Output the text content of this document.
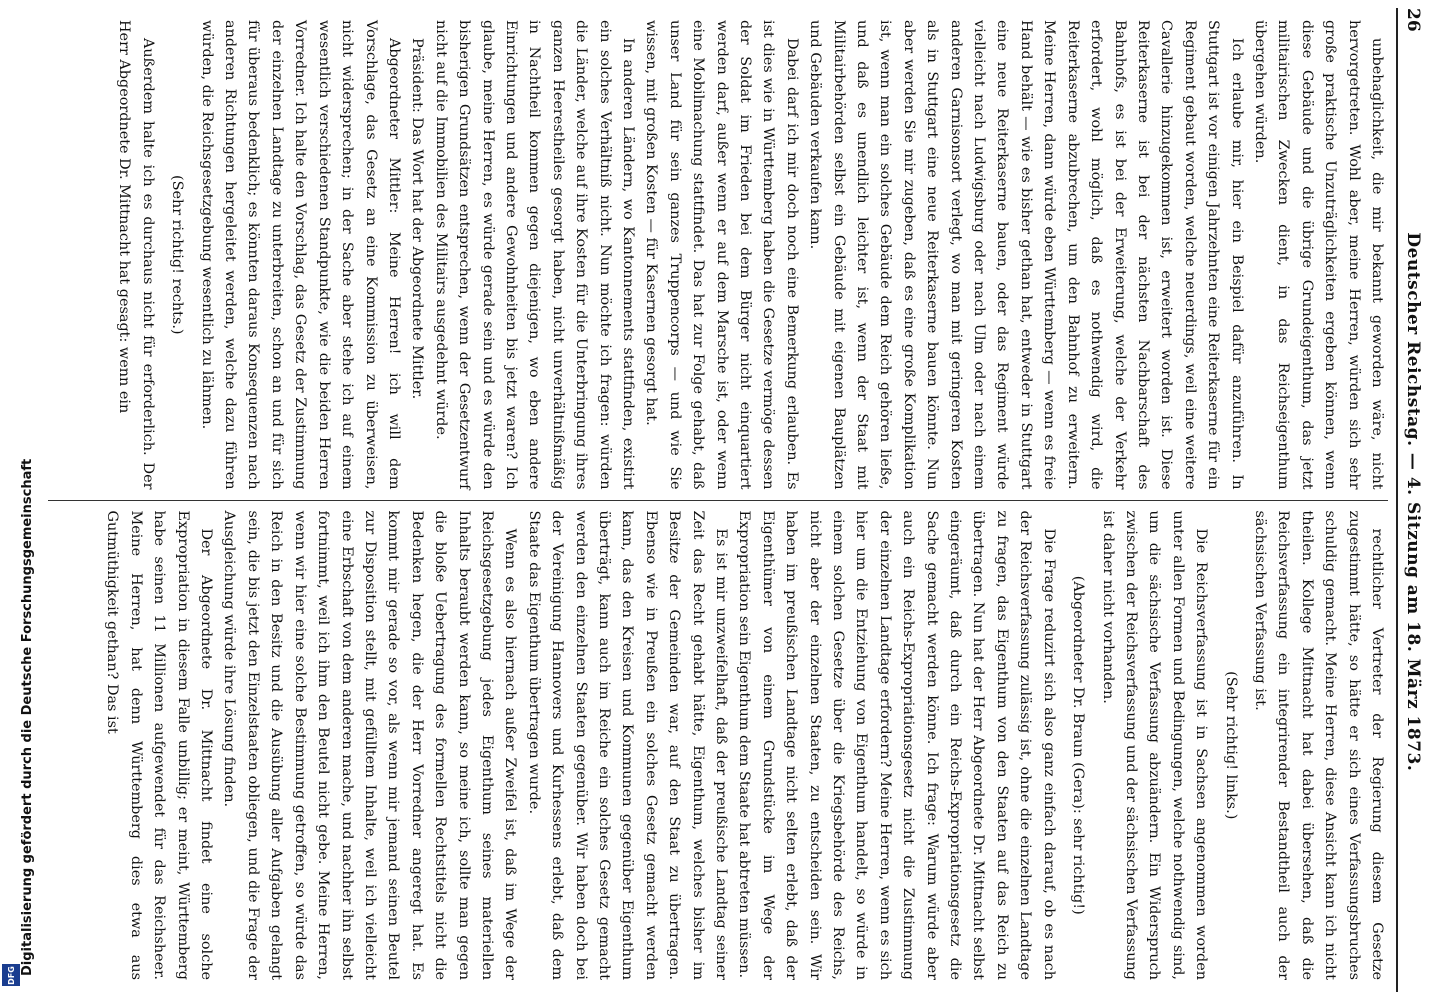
26
Deutscher Reichstag. — 4. Sitzung am 18. März 1873.

unbehaglichkeit, die mir bekannt geworden wäre, nicht hervorgetreten. Wohl aber, meine Herren, würden sich sehr große praktische Unzuträglichkeiten ergeben können, wenn diese Gebäude und die übrige Grundeigenthum, das jetzt militairischen Zwecken dient, in das Reichseigenthum übergehen würden.

Ich erlaube mir, hier ein Beispiel dafür anzuführen. In Stuttgart ist vor einigen Jahrzehnten eine Reiterkaserne für ein Regiment gebaut worden, welche neuerdings, weil eine weitere Cavallerie hinzugekommen ist, erweitert worden ist. Diese Reiterkaserne ist bei der nächsten Nachbarschaft des Bahnhofs, es ist bei der Erweiterung, welche der Verkehr erfordert, wohl möglich, daß es nothwendig wird, die Reiterkaserne abzubrechen, um den Bahnhof zu erweitern. Meine Herren, dann würde eben Württemberg — wenn es freie Hand behält — wie es bisher gethan hat, entweder in Stuttgart eine neue Reiterkaserne bauen, oder das Regiment würde vielleicht nach Ludwigsburg oder nach Ulm oder nach einem anderen Garnisonsort verlegt, wo man mit geringeren Kosten als in Stuttgart eine neue Reiterkaserne bauen könnte. Nun aber werden Sie mir zugeben, daß es eine große Komplikation ist, wenn man ein solches Gebäude dem Reich gehören ließe, und daß es unendlich leichter ist, wenn der Staat mit Militairbehörden selbst ein Gebäude mit eigenen Bauplätzen und Gebäuden verkaufen kann.

Dabei darf ich mir doch noch eine Bemerkung erlauben. Es ist dies wie in Württemberg haben die Gesetze vermöge dessen der Soldat im Frieden bei dem Bürger nicht einquartiert werden darf, außer wenn er auf dem Marsche ist, oder wenn eine Mobilmachung stattfindet. Das hat zur Folge gehabt, daß unser Land für sein ganzes Truppencorps — und wie Sie wissen, mit großen Kosten — für Kasernen gesorgt hat.

In anderen Ländern, wo Kantonnements stattfinden, existirt ein solches Verhältniß nicht. Nun möchte ich fragen: würden die Länder, welche auf ihre Kosten für die Unterbringung ihres ganzen Heerestheiles gesorgt haben, nicht unverhältnißmäßig in Nachtheil kommen gegen diejenigen, wo eben andere Einrichtungen und andere Gewohnheiten bis jetzt waren? Ich glaube, meine Herren, es würde gerade sein und es würde den bisherigen Grundsätzen entsprechen, wenn der Gesetzentwurf nicht auf die Immobilien des Militairs ausgedehnt würde.

Präsident: Das Wort hat der Abgeordnete Mittler.

Abgeordneter Mittler: Meine Herren! ich will dem Vorschlage, das Gesetz an eine Kommission zu überweisen, nicht widersprechen; in der Sache aber stehe ich auf einem wesentlich verschiedenen Standpunkte, wie die beiden Herren Vorredner. Ich halte den Vorschlag, das Gesetz der Zustimmung der einzelnen Landtage zu unterbreiten, schon an und für sich für überaus bedenklich; es könnten daraus Konsequenzen nach anderen Richtungen hergeleitet werden, welche dazu führen würden, die Reichsgesetzgebung wesentlich zu lähmen.

(Sehr richtig! rechts.)

Außerdem halte ich es durchaus nicht für erforderlich. Der Herr Abgeordnete Dr. Mittnacht hat gesagt: wenn ein

rechtlicher Vertreter der Regierung diesem Gesetze zugestimmt hätte, so hätte er sich eines Verfassungsbruches schuldig gemacht. Meine Herren, diese Ansicht kann ich nicht theilen. Kollege Mittnacht hat dabei übersehen, daß die Reichsverfassung ein integrirender Bestandtheil auch der sächsischen Verfassung ist.

(Sehr richtig! links.)

Die Reichsverfassung ist in Sachsen angenommen worden unter allen Formen und Bedingungen, welche nothwendig sind, um die sächsische Verfassung abzuändern. Ein Widerspruch zwischen der Reichsverfassung und der sächsischen Verfassung ist daher nicht vorhanden.

(Abgeordneter Dr. Braun (Gera): sehr richtig!)

Die Frage reduzirt sich also ganz einfach darauf, ob es nach der Reichsverfassung zulässig ist, ohne die einzelnen Landtage zu fragen, das Eigenthum von den Staaten auf das Reich zu übertragen. Nun hat der Herr Abgeordnete Dr. Mittnacht selbst eingeräumt, daß durch ein Reichs-Expropriationsgesetz die Sache gemacht werden könne. Ich frage: Warum würde aber auch ein Reichs-Expropriationsgesetz nicht die Zustimmung der einzelnen Landtage erfordern? Meine Herren, wenn es sich hier um die Entziehung von Eigenthum handelt, so würde in einem solchen Gesetze über die Kriegsbehörde des Reichs, nicht aber der einzelnen Staaten, zu entscheiden sein. Wir haben im preußischen Landtage nicht selten erlebt, daß der Eigenthümer von einem Grundstücke im Wege der Expropriation sein Eigenthum dem Staate hat abtreten müssen.

Es ist mir unzweifelhaft, daß der preußische Landtag seiner Zeit das Recht gehabt hätte, Eigenthum, welches bisher im Besitze der Gemeinden war, auf den Staat zu übertragen. Ebenso wie in Preußen ein solches Gesetz gemacht werden kann, das den Kreisen und Kommunen gegenüber Eigenthum überträgt, kann auch im Reiche ein solches Gesetz gemacht werden den einzelnen Staaten gegenüber. Wir haben doch bei der Vereinigung Hannovers und Kurhessens erlebt, daß dem Staate das Eigenthum übertragen wurde.

Wenn es also hiernach außer Zweifel ist, daß im Wege der Reichsgesetzgebung jedes Eigenthum seines materiellen Inhalts beraubt werden kann, so meine ich, sollte man gegen die bloße Uebertragung des formellen Rechtstitels nicht die Bedenken hegen, die der Herr Vorredner angeregt hat. Es kommt mir gerade so vor, als wenn mir jemand seinen Beutel zur Disposition stellt, mit gefülltem Inhalte, weil ich vielleicht eine Erbschaft von dem anderen mache, und nachher ihn selbst fortnimmt, weil ich ihm den Beutel nicht gebe. Meine Herren, wenn wir hier eine solche Bestimmung getroffen, so würde das Reich in den Besitz und die Ausübung aller Aufgaben gelangt sein, die bis jetzt den Einzelstaaten obliegen, und die Frage der Ausgleichung würde ihre Lösung finden.

Der Abgeordnete Dr. Mittnacht findet eine solche Expropriation in diesem Falle unbillig; er meint, Württemberg habe seinen 11 Millionen aufgewendet für das Reichsheer. Meine Herren, hat denn Württemberg dies etwa aus Gutmüthigkeit gethan? Das ist

Digitalisierung gefördert durch die Deutsche Forschungsgemeinschaft
DFG
